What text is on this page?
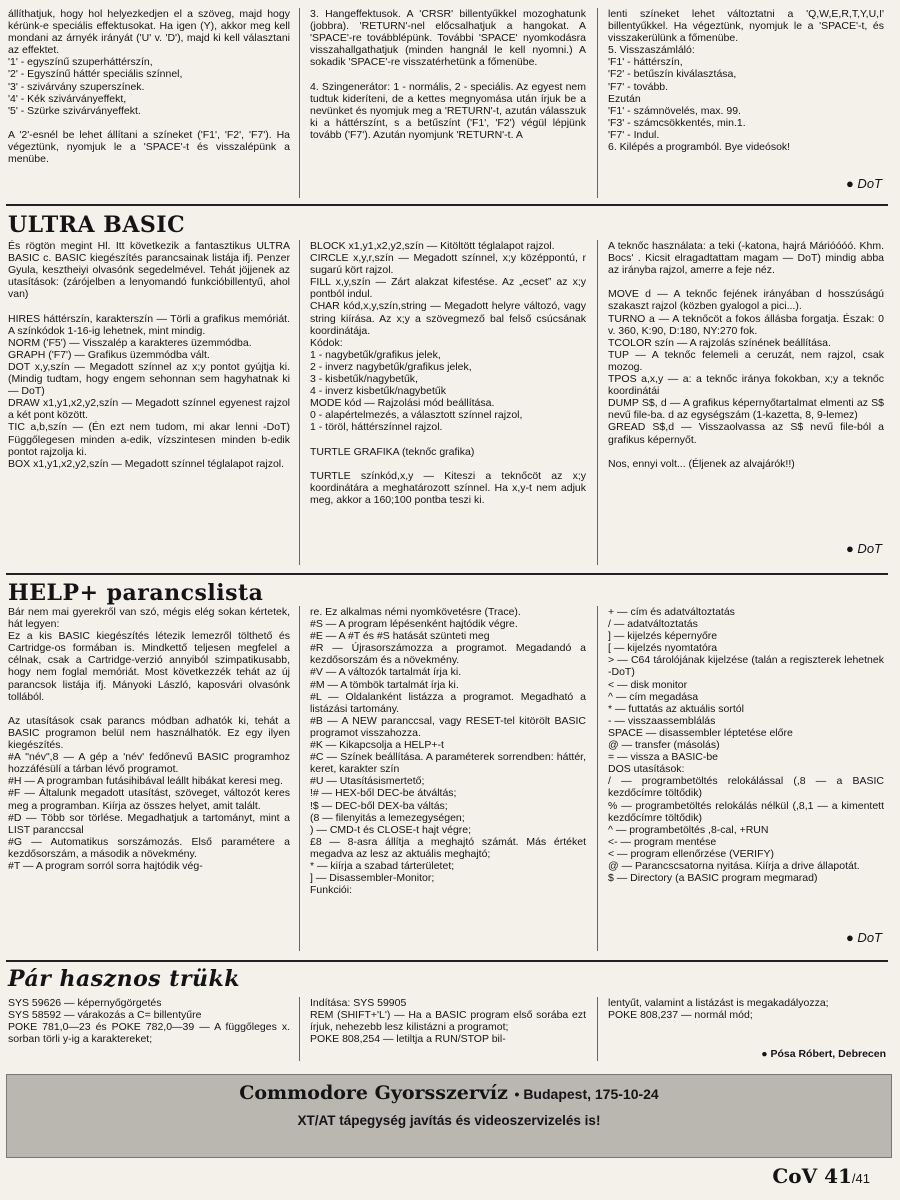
állíthatjuk, hogy hol helyezkedjen el a szöveg, majd hogy kérünk-e speciális effektusokat. Ha igen (Y), akkor meg kell mondani az árnyék irányát ('U' v. 'D'), majd ki kell választani az effektet.
'1' - egyszínű szuperháttérszín,
'2' - Egyszínű háttér speciális színnel,
'3' - szivárvány szuperszínek.
'4' - Kék szivárványeffekt,
'5' - Szürke szivárványeffekt.

A '2'-esnél be lehet állítani a színeket ('F1', 'F2', 'F7'). Ha végeztünk, nyomjuk le a 'SPACE'-t és visszalépünk a menübe.
3. Hangeffektusok. A 'CRSR' billentyűkkel mozoghatunk (jobbra). 'RETURN'-nel előcsalhatjuk a hangokat. A 'SPACE'-re továbblépünk. További 'SPACE' nyomkodásra visszahallgathatjuk (minden hangnál le kell nyomni.) A sokadik 'SPACE'-re visszatérhetünk a főmenübe.

4. Szingenerátor: 1 - normális, 2 - speciális. Az egyest nem tudtuk kideríteni, de a kettes megnyomása után írjuk be a nevünket és nyomjuk meg a 'RETURN'-t, azután válasszuk ki a háttérszínt, s a betűszínt ('F1', 'F2') végül lépjünk tovább ('F7'). Azután nyomjunk 'RETURN'-t. A
lenti színeket lehet változtatni a 'Q,W,E,R,T,Y,U,I' billentyűkkel. Ha végeztünk, nyomjuk le a 'SPACE'-t, és visszakerülünk a főmenübe.
5. Visszaszámláló:
'F1' - háttérszín,
'F2' - betűszín kiválasztása,
'F7' - tovább.
Ezután
'F1' - számnövelés, max. 99.
'F3' - számcsökkentés, min.1.
'F7' - Indul.
6. Kilépés a programból. Bye videósok!
● DoT
ULTRA BASIC
És rögtön megint Hl. Itt következik a fantasztikus ULTRA BASIC c. BASIC kiegészítés parancsainak listája ifj. Penzer Gyula, kesztheiyi olvasónk segedelmével. Tehát jöjjenek az utasítások: (zárójelben a lenyomandó funkcióbillentyű, ahol van)

HIRES háttérszín, karakterszín — Törli a grafikus memóriát. A színkódok 1-16-ig lehetnek, mint mindig.
NORM ('F5') — Visszalép a karakteres üzemmódba.
GRAPH ('F7') — Grafikus üzemmódba vált.
DOT x,y,szín — Megadott színnel az x;y pontot gyújtja ki. (Mindig tudtam, hogy engem sehonnan sem hagyhatnak ki — DoT)
DRAW x1,y1,x2,y2,szín — Megadott színnel egyenest rajzol a két pont között.
TIC a,b,szín — (Én ezt nem tudom, mi akar lenni -DoT) Függőlegesen minden a-edik, vízszintesen minden b-edik pontot rajzolja ki.
BOX x1,y1,x2,y2,szín — Megadott színnel téglalapot rajzol.
BLOCK x1,y1,x2,y2,szín — Kitöltött téglalapot rajzol.
CIRCLE x,y,r,szín — Megadott színnel, x;y középpontú, r sugarú kört rajzol.
FILL x,y,szín — Zárt alakzat kifestése. Az „ecset” az x;y pontból indul.
CHAR kód,x,y,szín,string — Megadott helyre változó, vagy string kiírása. Az x;y a szövegmező bal felső csúcsának koordinátája.
Kódok:
1 - nagybetűk/grafikus jelek,
2 - inverz nagybetűk/grafikus jelek,
3 - kisbetűk/nagybetűk,
4 - inverz kisbetűk/nagybetűk
MODE kód — Rajzolási mód beállítása.
0 - alapértelmezés, a választott színnel rajzol,
1 - töröl, háttérszínnel rajzol.

TURTLE GRAFIKA (teknőc grafika)

TURTLE színkód,x,y — Kiteszi a teknőcöt az x;y koordinátára a meghatározott színnel. Ha x,y-t nem adjuk meg, akkor a 160;100 pontba teszi ki.
A teknőc használata: a teki (-katona, hajrá Márióóóó. Khm. Bocs' . Kicsit elragadtattam magam — DoT) mindig abba az irányba rajzol, amerre a feje néz.

MOVE d — A teknőc fejének irányában d hosszúságú szakaszt rajzol (közben gyalogol a pici...).
TURNO a — A teknőcöt a fokos állásba forgatja. Észak: 0 v. 360, K:90, D:180, NY:270 fok.
TCOLOR szín — A rajzolás színének beállítása.
TUP — A teknőc felemeli a ceruzát, nem rajzol, csak mozog.
TPOS a,x,y — a: a teknőc iránya fokokban, x;y a teknőc koordinátái
DUMP S$, d — A grafikus képernyőtartalmat elmenti az S$ nevű file-ba. d az egységszám (1-kazetta, 8, 9-lemez)
GREAD S$,d — Visszaolvassa az S$ nevű file-ból a grafikus képernyőt.

Nos, ennyi volt... (Éljenek az alvajárók!!)
● DoT
HELP+ parancslista
Bár nem mai gyerekről van szó, mégis elég sokan kértetek, hát legyen:
Ez a kis BASIC kiegészítés létezik lemezről tölthető és Cartridge-os formában is. Mindkettő teljesen megfelel a célnak, csak a Cartridge-verzió annyiból szimpatikusabb, hogy nem foglal memóriát. Most következzék tehát az új parancsok listája ifj. Mányoki László, kaposvári olvasónk tollából.

Az utasítások csak parancs módban adhatók ki, tehát a BASIC programon belül nem használhatók. Ez egy ilyen kiegészítés.
#A "név",8 — A gép a 'név' fedőnevű BASIC programhoz hozzáfésülí a tárban lévő programot.
#H — A programban futásihibával leállt hibákat keresi meg.
#F — Általunk megadott utasítást, szöveget, változót keres meg a programban. Kiírja az összes helyet, amit talált.
#D — Több sor törlése. Megadhatjuk a tartományt, mint a LIST paranccsal
#G — Automatikus sorszámozás. Első paramétere a kezdősorszám, a második a növekmény.
#T — A program sorról sorra hajtódik vég-
re. Ez alkalmas némi nyomkövetésre (Trace).
#S — A program lépésenként hajtódik végre.
#E — A #T és #S hatását szünteti meg
#R — Újrasorszámozza a programot. Megadandó a kezdősorszám és a növekmény.
#V — A változók tartalmát írja ki.
#M — A tömbök tartalmát írja ki.
#L — Oldalanként listázza a programot. Megadható a listázási tartomány.
#B — A NEW paranccsal, vagy RESET-tel kitörölt BASIC programot visszahozza.
#K — Kikapcsolja a HELP+-t
#C — Színek beállítása. A paraméterek sorrendben: háttér, keret, karakter szín
#U — Utasításismertető;
!# — HEX-ből DEC-be átváltás;
!$ — DEC-ből DEX-ba váltás;
(8 — filenyitás a lemezegységen;
) — CMD-t és CLOSE-t hajt végre;
£8 — 8-asra állítja a meghajtó számát. Más értéket megadva az lesz az aktuális meghajtó;
* — kiírja a szabad tárterületet;
] — Disassembler-Monitor;
Funkciói:
+ — cím és adatváltoztatás
/ — adatváltoztatás
] — kijelzés képernyőre
[ — kijelzés nyomtatóra
> — C64 tárolójának kijelzése (talán a regiszterek lehetnek -DoT)
< — disk monitor
^ — cím megadása
* — futtatás az aktuális sortól
- — visszaassemblálás
SPACE — disassembler léptetése előre
@ — transfer (másolás)
= — vissza a BASIC-be
DOS utasítások:
/ — programbetöltés relokálással (,8 — a BASIC kezdőcímre töltődik)
% — programbetöltés relokálás nélkül (,8,1 — a kimentett kezdőcímre töltődik)
^ — programbetöltés ,8-cal, +RUN
<- — program mentése
< — program ellenőrzése (VERIFY)
@ — Parancscsatorna nyitása. Kiírja a drive állapotát.
$ — Directory (a BASIC program megmarad)
● DoT
Pár hasznos trükk
SYS 59626 — képernyőgörgetés
SYS 58592 — várakozás a C= billentyűre
POKE 781,0—23 és POKE 782,0—39 — A függőleges x. sorban törli y-ig a karaktereket;
Indítása: SYS 59905
REM (SHIFT+'L') — Ha a BASIC program első sorába ezt írjuk, nehezebb lesz kilistázni a programot;
POKE 808,254 — letiltja a RUN/STOP bil-
lentyűt, valamint a listázást is megakadályozza;
POKE 808,237 — normál mód;
● Pósa Róbert, Debrecen
Commodore Gyorsszervíz • Budapest, 175-10-24
XT/AT tápegység javítás és videoszervizelés is!
CoV 41/41
